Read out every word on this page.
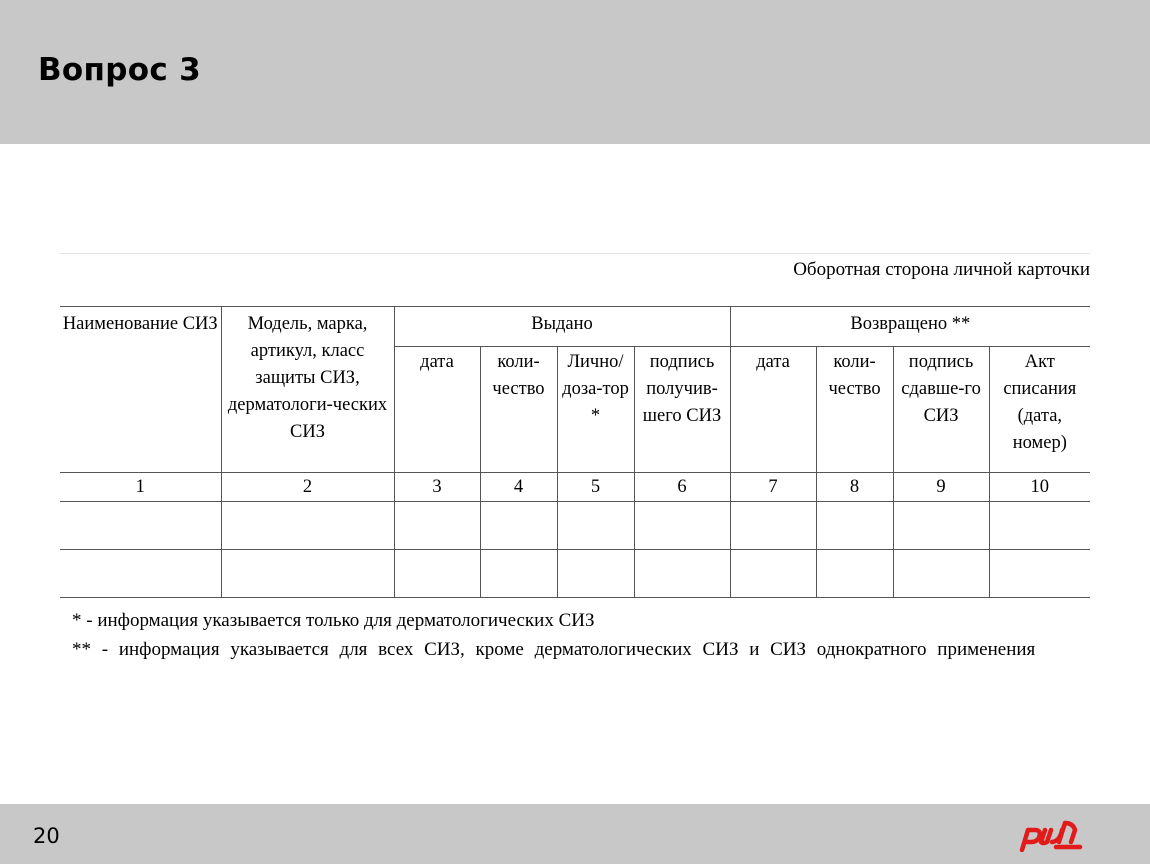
Вопрос 3
Оборотная сторона личной карточки
Наименование СИЗ	Модель, марка, артикул, класс защиты СИЗ, дерматологи-ческих СИЗ	Выдано				Возвращено **			
		дата	коли-чество	Лично/ доза-тор *	подпись получив-шего СИЗ	дата	коли-чество	подпись сдавше-го СИЗ	Акт списания (дата, номер)
1	2	3	4	5	6	7	8	9	10

* - информация указывается только для дерматологических СИЗ
** - информация указывается для всех СИЗ, кроме дерматологических СИЗ и СИЗ однократного применения
20
